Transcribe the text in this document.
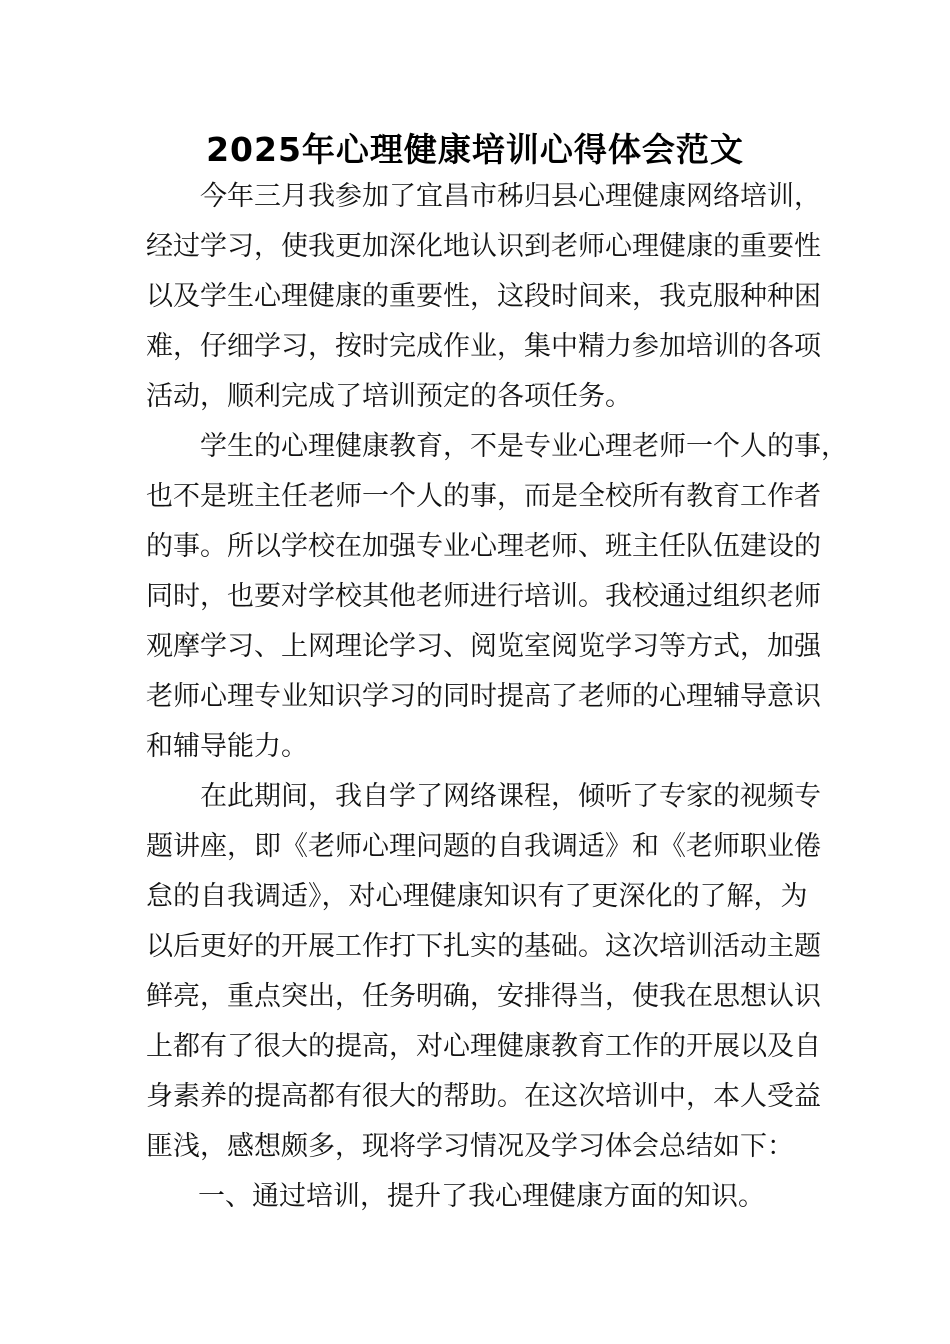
2025年心理健康培训心得体会范文

今年三月我参加了宜昌市秭归县心理健康网络培训，

经过学习，使我更加深化地认识到老师心理健康的重要性

以及学生心理健康的重要性，这段时间来，我克服种种困

难，仔细学习，按时完成作业，集中精力参加培训的各项

活动，顺利完成了培训预定的各项任务。

学生的心理健康教育，不是专业心理老师一个人的事，

也不是班主任老师一个人的事，而是全校所有教育工作者

的事。所以学校在加强专业心理老师、班主任队伍建设的

同时，也要对学校其他老师进行培训。我校通过组织老师

观摩学习、上网理论学习、阅览室阅览学习等方式，加强

老师心理专业知识学习的同时提高了老师的心理辅导意识

和辅导能力。

在此期间，我自学了网络课程，倾听了专家的视频专

题讲座，即《老师心理问题的自我调适》和《老师职业倦

怠的自我调适》，对心理健康知识有了更深化的了解，为

以后更好的开展工作打下扎实的基础。这次培训活动主题

鲜亮，重点突出，任务明确，安排得当，使我在思想认识

上都有了很大的提高，对心理健康教育工作的开展以及自

身素养的提高都有很大的帮助。在这次培训中，本人受益

匪浅，感想颇多，现将学习情况及学习体会总结如下：

一、通过培训，提升了我心理健康方面的知识。
